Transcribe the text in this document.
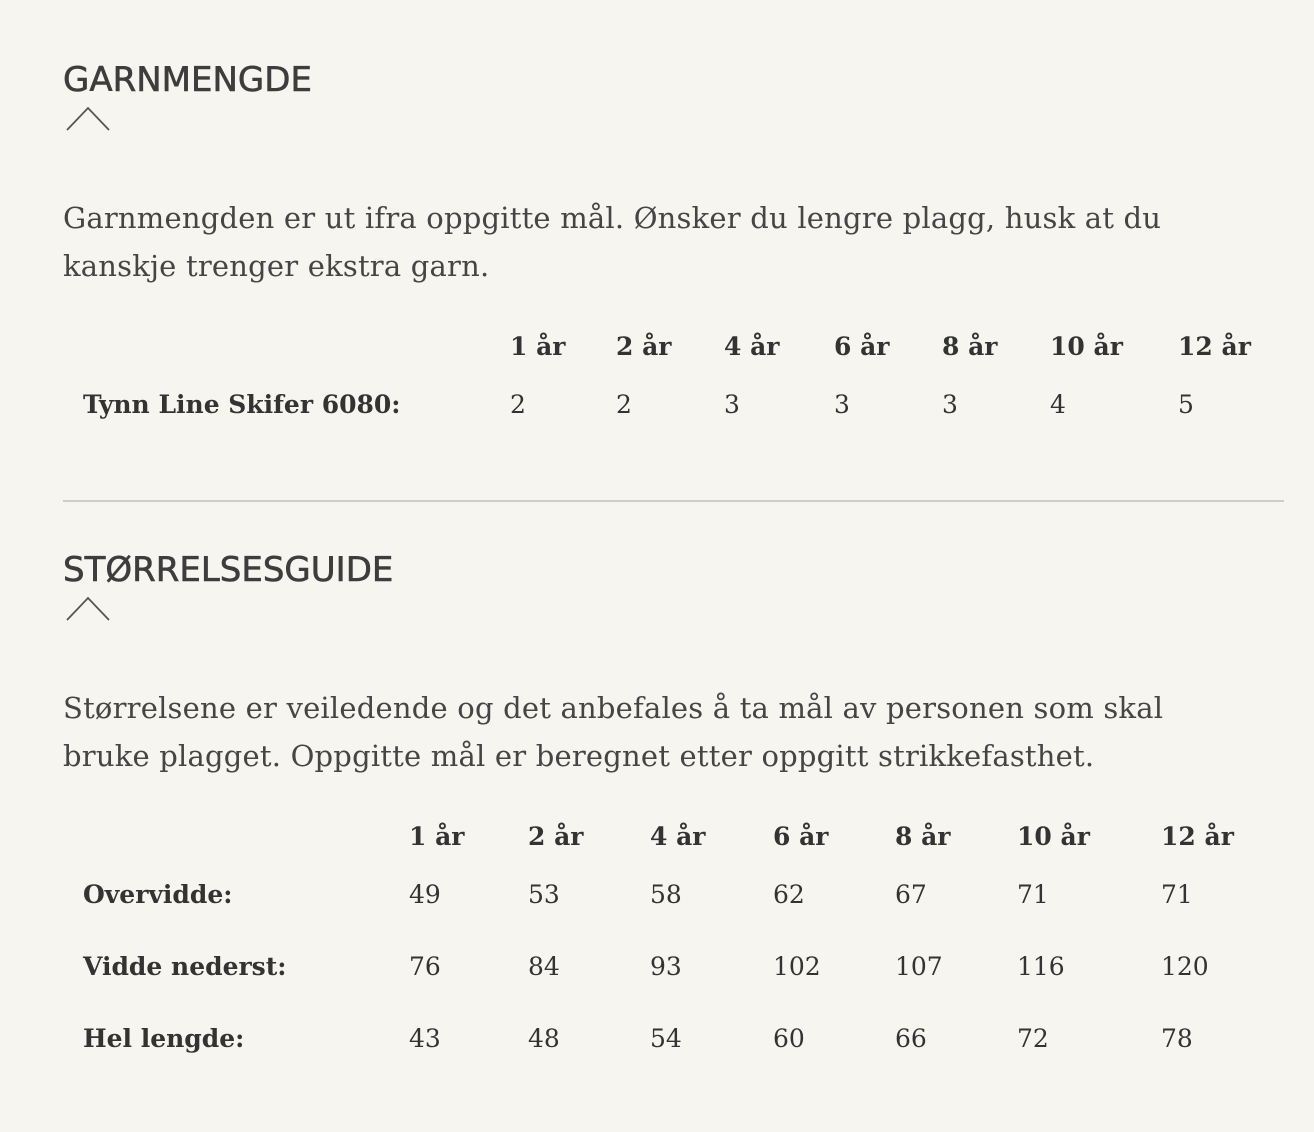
GARNMENGDE

Garnmengden er ut ifra oppgitte mål. Ønsker du lengre plagg, husk at du kanskje trenger ekstra garn.

	1 år	2 år	4 år	6 år	8 år	10 år	12 år
Tynn Line Skifer 6080:	2	2	3	3	3	4	5
STØRRELSESGUIDE

Størrelsene er veiledende og det anbefales å ta mål av personen som skal bruke plagget. Oppgitte mål er beregnet etter oppgitt strikkefasthet.

	1 år	2 år	4 år	6 år	8 år	10 år	12 år
Overvidde:	49	53	58	62	67	71	71
Vidde nederst:	76	84	93	102	107	116	120
Hel lengde:	43	48	54	60	66	72	78
